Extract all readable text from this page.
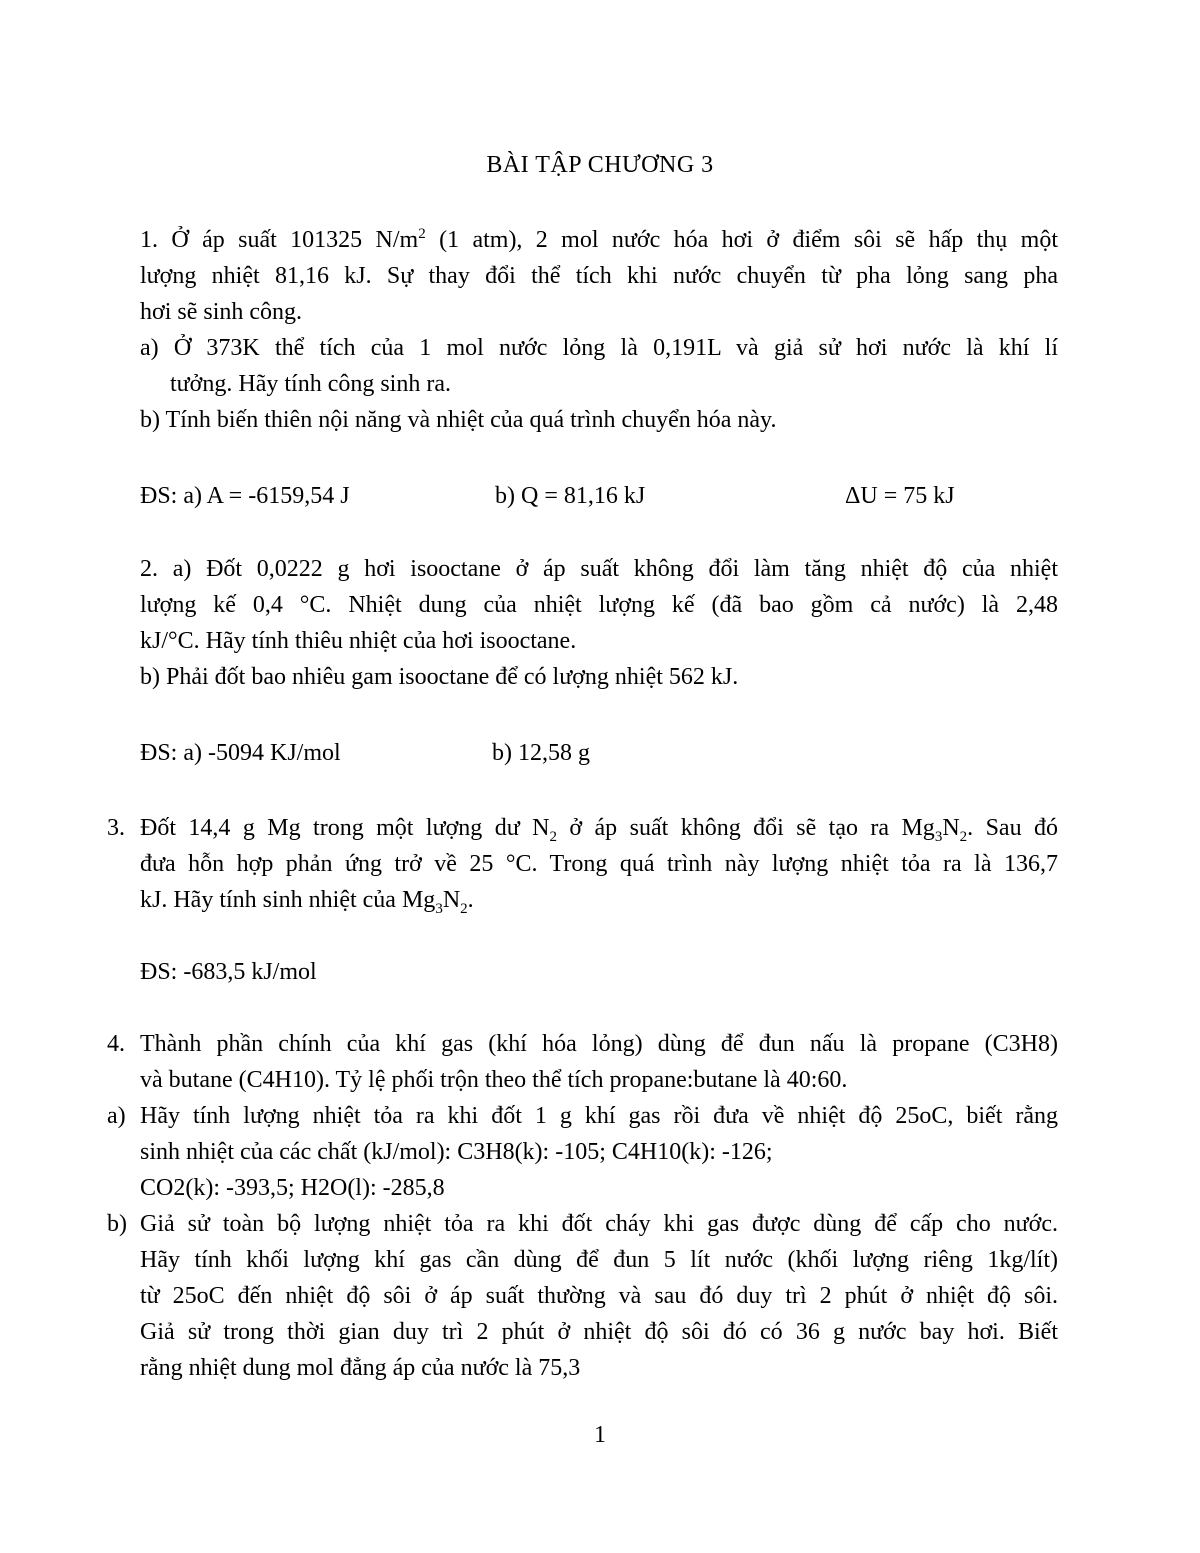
BÀI TẬP CHƯƠNG 3
1. Ở áp suất 101325 $N/m^2$ (1 atm), 2 mol nước hóa hơi ở điểm sôi sẽ hấp thụ một
lượng nhiệt 81,16 kJ. Sự thay đổi thể tích khi nước chuyển từ pha lỏng sang pha
hơi sẽ sinh công.
a) Ở 373K thể tích của 1 mol nước lỏng là 0,191L và giả sử hơi nước là khí lí
tưởng. Hãy tính công sinh ra.
b) Tính biến thiên nội năng và nhiệt của quá trình chuyển hóa này.
ĐS: a) A = -6159,54 J	b) Q = 81,16 kJ	ΔU = 75 kJ
2. a) Đốt 0,0222 g hơi isooctane ở áp suất không đổi làm tăng nhiệt độ của nhiệt
lượng kế 0,4 °C. Nhiệt dung của nhiệt lượng kế (đã bao gồm cả nước) là 2,48
kJ/°C. Hãy tính thiêu nhiệt của hơi isooctane.
b) Phải đốt bao nhiêu gam isooctane để có lượng nhiệt 562 kJ.
ĐS: a) -5094 KJ/mol	b) 12,58 g
3. Đốt 14,4 g Mg trong một lượng dư $N_2$ ở áp suất không đổi sẽ tạo ra $Mg_3N_2$. Sau đó
đưa hỗn hợp phản ứng trở về 25 °C. Trong quá trình này lượng nhiệt tỏa ra là 136,7
kJ. Hãy tính sinh nhiệt của $Mg_3N_2$.
ĐS: -683,5 kJ/mol
4. Thành phần chính của khí gas (khí hóa lỏng) dùng để đun nấu là propane (C3H8)
và butane (C4H10). Tỷ lệ phối trộn theo thể tích propane:butane là 40:60.
a) Hãy tính lượng nhiệt tỏa ra khi đốt 1 g khí gas rồi đưa về nhiệt độ 25oC, biết rằng
sinh nhiệt của các chất (kJ/mol): C3H8(k): -105; C4H10(k): -126;
CO2(k): -393,5; H2O(l): -285,8
b) Giả sử toàn bộ lượng nhiệt tỏa ra khi đốt cháy khi gas được dùng để cấp cho nước.
Hãy tính khối lượng khí gas cần dùng để đun 5 lít nước (khối lượng riêng 1kg/lít)
từ 25oC đến nhiệt độ sôi ở áp suất thường và sau đó duy trì 2 phút ở nhiệt độ sôi.
Giả sử trong thời gian duy trì 2 phút ở nhiệt độ sôi đó có 36 g nước bay hơi. Biết
rằng nhiệt dung mol đẳng áp của nước là 75,3
1
